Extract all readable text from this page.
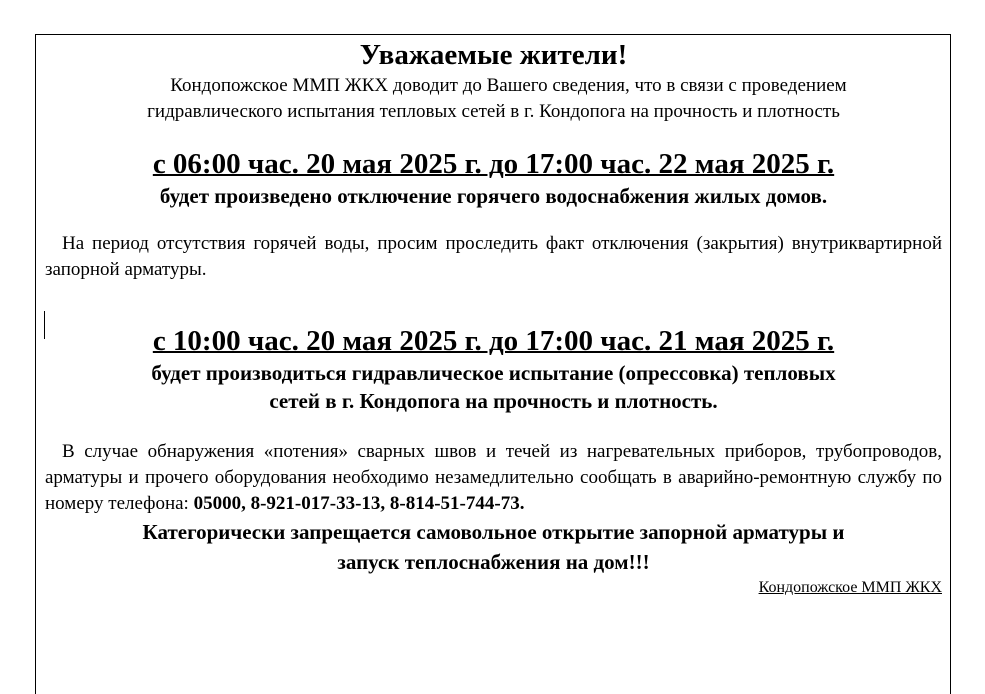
Уважаемые жители!
Кондопожское ММП ЖКХ доводит до Вашего сведения, что в связи с проведением
гидравлического испытания тепловых сетей в г. Кондопога на прочность и плотность
с 06:00 час. 20 мая 2025 г. до 17:00 час. 22 мая 2025 г.
будет произведено отключение горячего водоснабжения жилых домов.
На период отсутствия горячей воды, просим проследить факт отключения (закрытия) внутриквартирной запорной арматуры.
с 10:00 час. 20 мая 2025 г. до 17:00 час. 21 мая 2025 г.
будет производиться гидравлическое испытание (опрессовка) тепловых
сетей в г. Кондопога на прочность и плотность.
В случае обнаружения «потения» сварных швов и течей из нагревательных приборов, трубопроводов, арматуры и прочего оборудования необходимо незамедлительно сообщать в аварийно-ремонтную службу по номеру телефона: 05000, 8-921-017-33-13, 8-814-51-744-73.
Категорически запрещается самовольное открытие запорной арматуры и
запуск теплоснабжения на дом!!!
Кондопожское ММП ЖКХ
